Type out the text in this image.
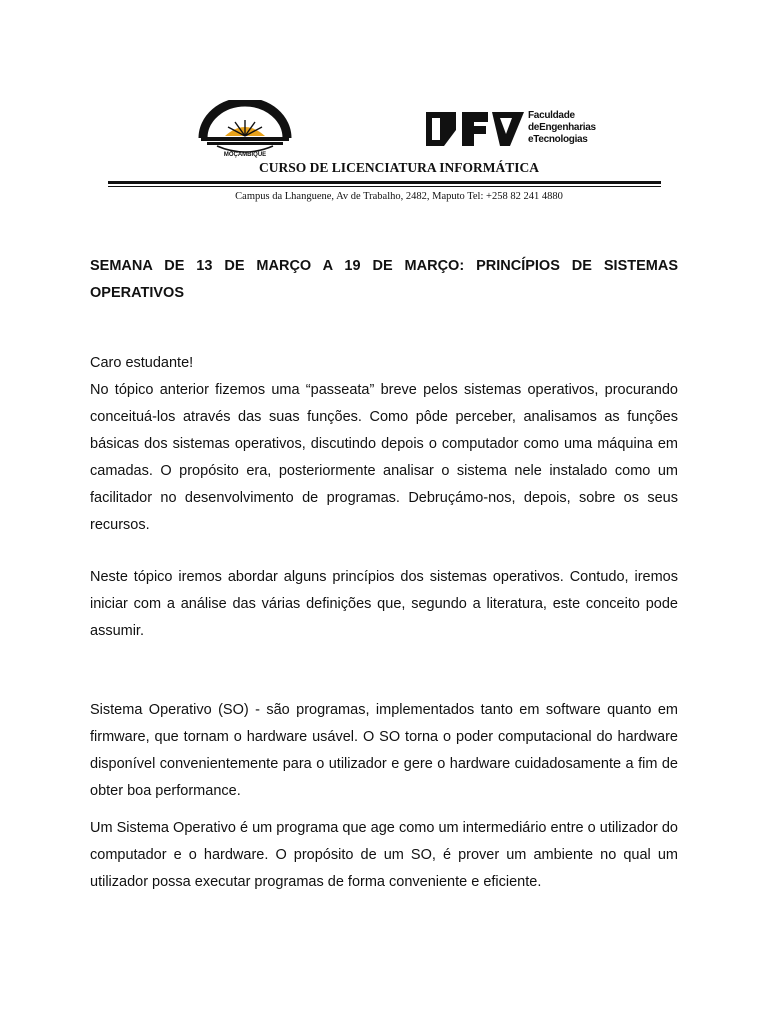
MOÇAMBIQUE
Faculdade
deEngenharias
eTecnologias
CURSO DE LICENCIATURA INFORMÁTICA
Campus da Lhanguene, Av de Trabalho, 2482, Maputo Tel: +258 82 241 4880

SEMANA DE 13 DE MARÇO A 19 DE MARÇO: PRINCÍPIOS DE SISTEMAS OPERATIVOS

Caro estudante!

No tópico anterior fizemos uma “passeata” breve pelos sistemas operativos, procurando conceituá-los através das suas funções. Como pôde perceber, analisamos as funções básicas dos sistemas operativos, discutindo depois o computador como uma máquina em camadas. O propósito era, posteriormente analisar o sistema nele instalado como um facilitador no desenvolvimento de programas. Debruçámo-nos, depois, sobre os seus recursos.

Neste tópico iremos abordar alguns princípios dos sistemas operativos. Contudo, iremos iniciar com a análise das várias definições que, segundo a literatura, este conceito pode assumir.

Sistema Operativo (SO) - são programas, implementados tanto em software quanto em firmware, que tornam o hardware usável. O SO torna o poder computacional do hardware disponível convenientemente para o utilizador e gere o hardware cuidadosamente a fim de obter boa performance.

Um Sistema Operativo é um programa que age como um intermediário entre o utilizador do computador e o hardware. O propósito de um SO, é prover um ambiente no qual um utilizador possa executar programas de forma conveniente e eficiente.
